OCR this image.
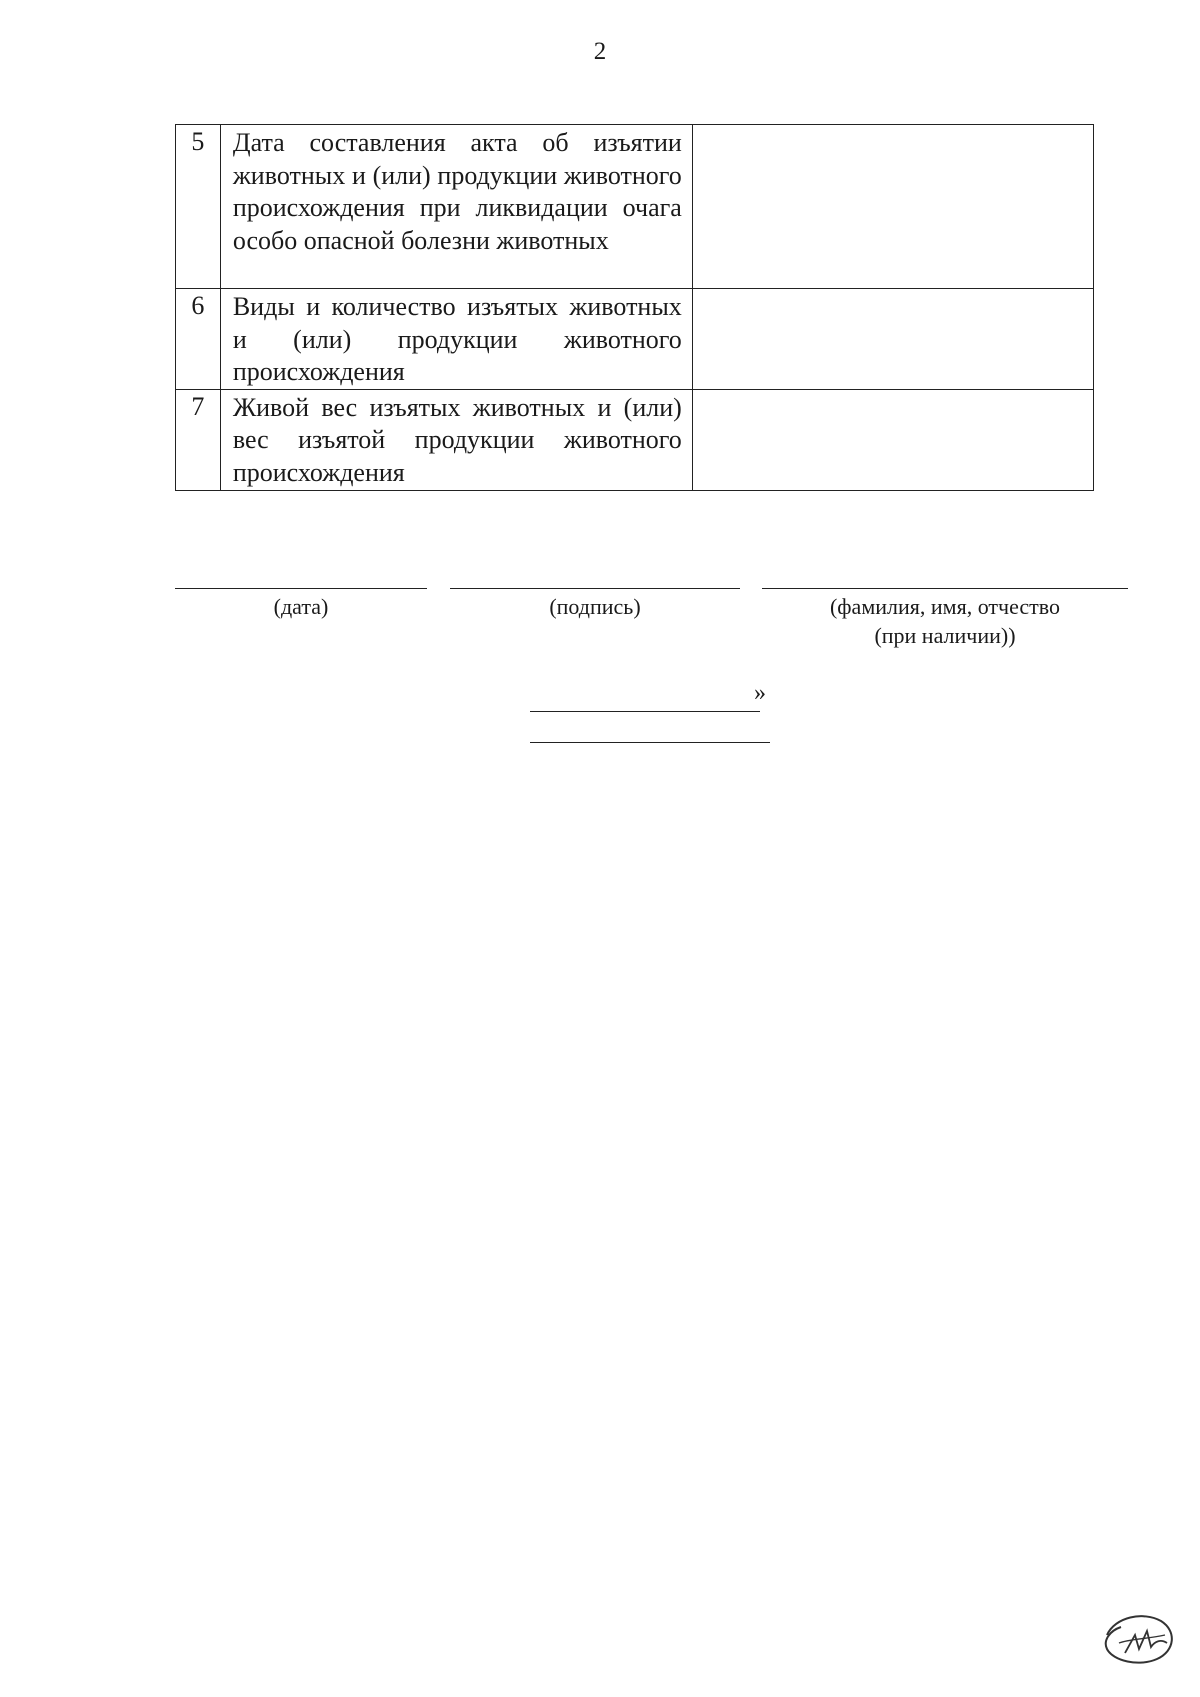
2
5	Дата составления акта об изъятии животных и (или) продукции животного происхождения при ликвидации очага особо опасной болезни животных	
6	Виды и количество изъятых животных и (или) продукции животного происхождения	
7	Живой вес изъятых животных и (или) вес изъятой продукции животного происхождения	
(дата)	(подпись)	(фамилия, имя, отчество
(при наличии))
»
